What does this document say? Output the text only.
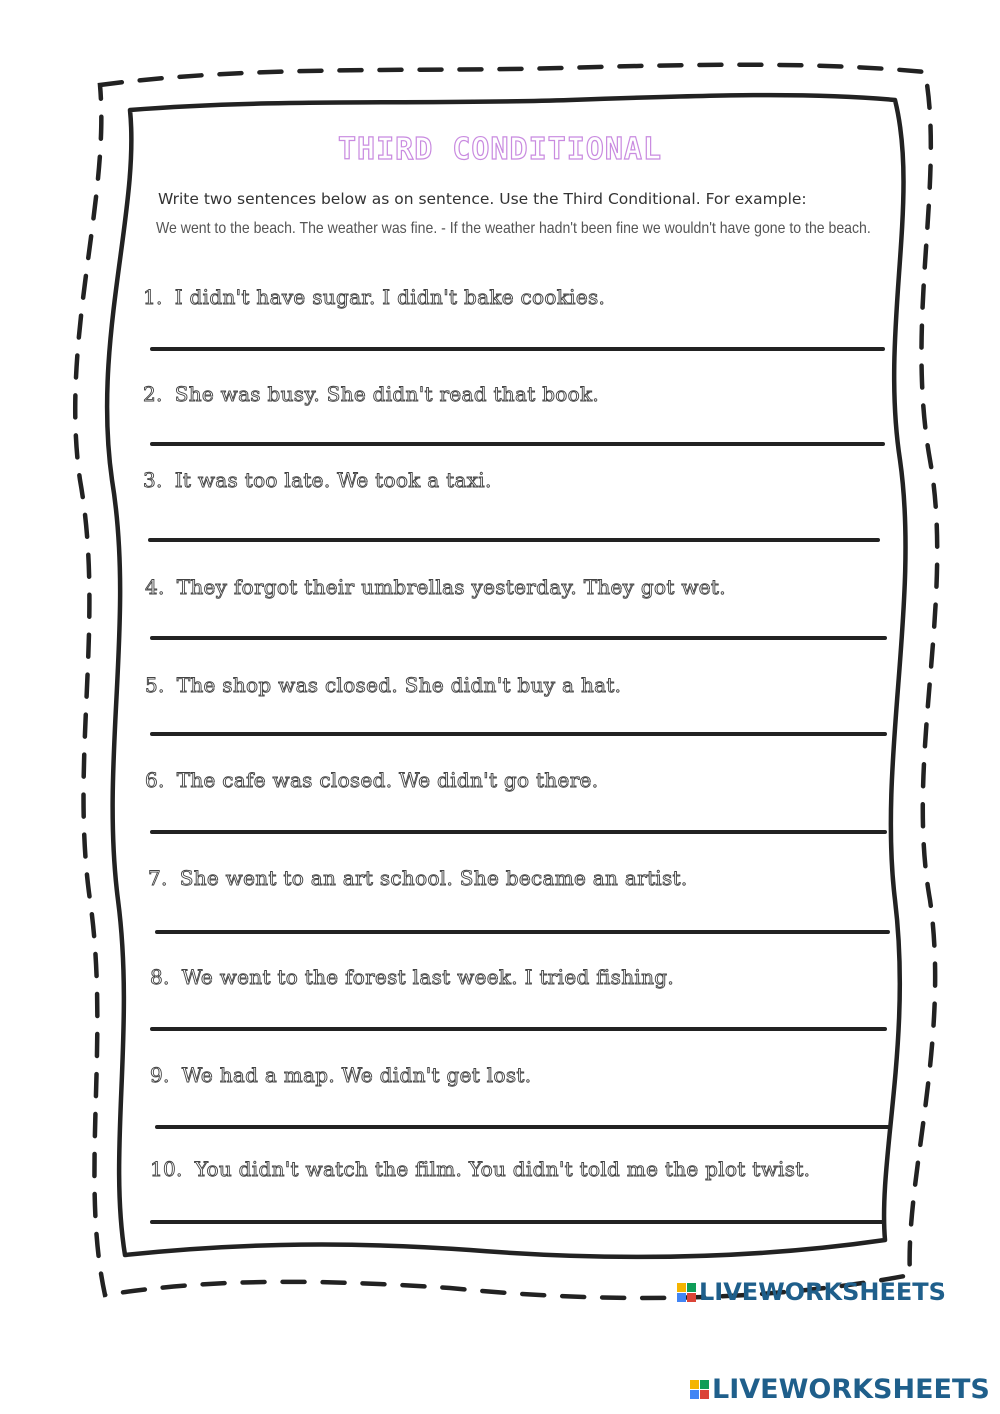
THIRD CONDITIONAL
Write two sentences below as on sentence. Use the Third Conditional. For example:
We went to the beach. The weather was fine. - If the weather hadn't been fine we wouldn't have gone to the beach.
1. I didn't have sugar. I didn't bake cookies.
2. She was busy. She didn't read that book.
3. It was too late. We took a taxi.
4. They forgot their umbrellas yesterday. They got wet.
5. The shop was closed. She didn't buy a hat.
6. The cafe was closed. We didn't go there.
7. She went to an art school. She became an artist.
8. We went to the forest last week. I tried fishing.
9. We had a map. We didn't get lost.
10. You didn't watch the film. You didn't told me the plot twist.
LIVEWORKSHEETS
LIVEWORKSHEETS
